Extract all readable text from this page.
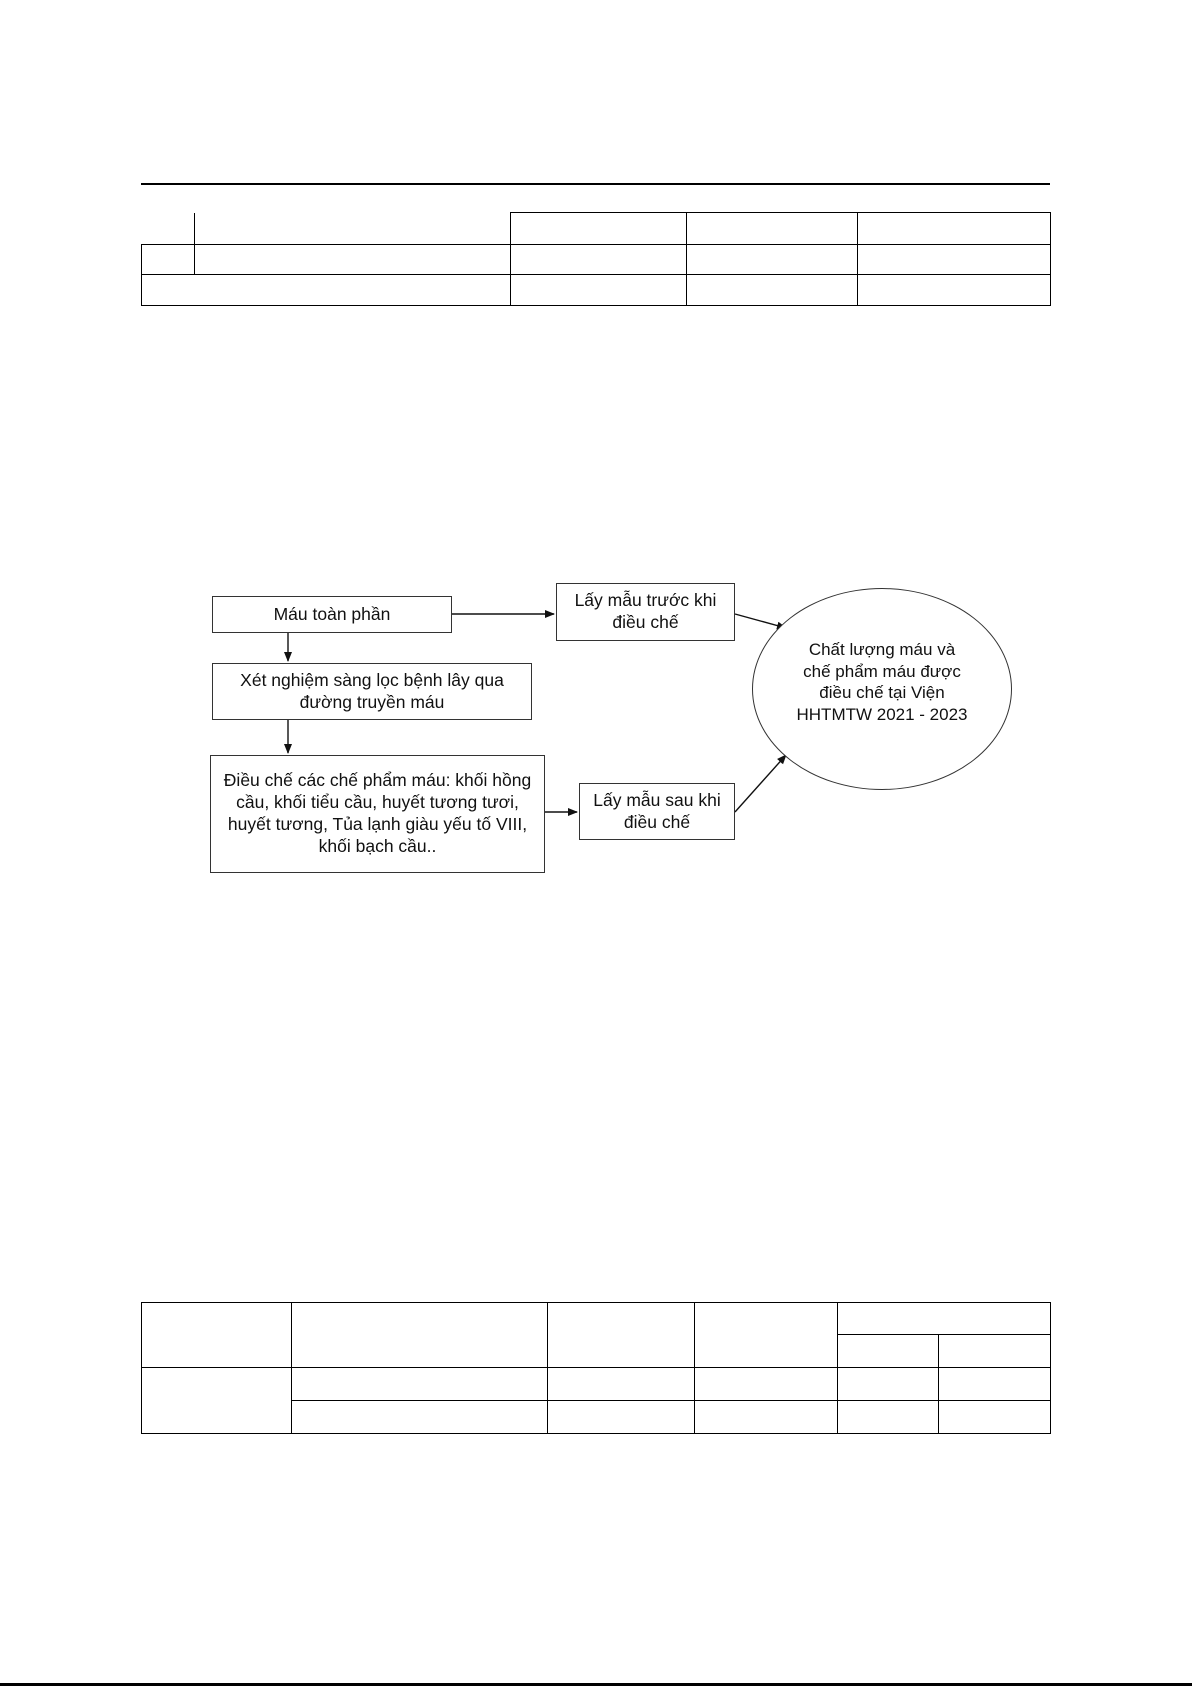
Máu toàn phần
Xét nghiệm sàng lọc bệnh lây qua đường truyền máu
Điều chế các chế phẩm máu: khối hồng cầu, khối tiểu cầu, huyết tương tươi, huyết tương, Tủa lạnh giàu yếu tố VIII, khối bạch cầu..
Lấy mẫu trước khi điều chế
Lấy mẫu sau khi điều chế
Chất lượng máu và chế phẩm máu được điều chế tại Viện HHTMTW 2021 - 2023
